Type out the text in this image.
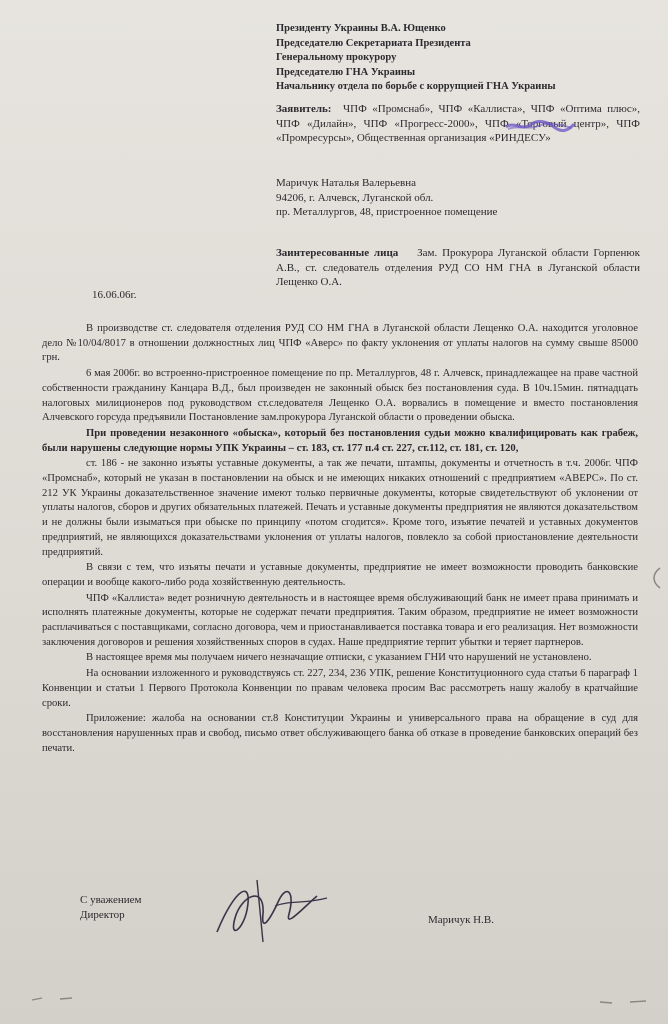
Президенту Украины В.А. Ющенко
Председателю Секретариата Президента
Генеральному прокурору
Председателю ГНА Украины
Начальнику отдела по борьбе с коррупцией ГНА Украины
Заявитель: ЧПФ «Промснаб», ЧПФ «Каллиста», ЧПФ «Оптима плюс», ЧПФ «Дилайн», ЧПФ «Прогресс-2000», ЧПФ «Торговый центр», ЧПФ «Промресурсы», Общественная организация «РИНДЕСУ»
Маричук Наталья Валерьевна
94206, г. Алчевск, Луганской обл.
пр. Металлургов, 48, пристроенное помещение
Заинтересованные лица Зам. Прокурора Луганской области Горпенюк А.В., ст. следователь отделения РУД СО НМ ГНА в Луганской области Лещенко О.А.
16.06.06г.

В производстве ст. следователя отделения РУД СО НМ ГНА в Луганской области Лещенко О.А. находится уголовное дело №10/04/8017 в отношении должностных лиц ЧПФ «Аверс» по факту уклонения от уплаты налогов на сумму свыше 85000 грн.

6 мая 2006г. во встроенно-пристроенное помещение по пр. Металлургов, 48 г. Алчевск, принадлежащее на праве частной собственности гражданину Канцара В.Д., был произведен не законный обыск без постановления суда. В 10ч.15мин. пятнадцать налоговых милиционеров под руководством ст.следователя Лещенко О.А. ворвались в помещение и вместо постановления Алчевского горсуда предъявили Постановление зам.прокурора Луганской области о проведении обыска.

При проведении незаконного «обыска», который без постановления судьи можно квалифицировать как грабеж, были нарушены следующие нормы УПК Украины – ст. 183, ст. 177 п.4 ст. 227, ст.112, ст. 181, ст. 120,

ст. 186 - не законно изъяты уставные документы, а так же печати, штампы, документы и отчетность в т.ч. 2006г. ЧПФ «Промснаб», который не указан в постановлении на обыск и не имеющих никаких отношений с предприятием «АВЕРС». По ст. 212 УК Украины доказательственное значение имеют только первичные документы, которые свидетельствуют об уклонении от уплаты налогов, сборов и других обязательных платежей. Печать и уставные документы предприятия не являются доказательством и не должны были изыматься при обыске по принципу «потом сгодится». Кроме того, изъятие печатей и уставных документов предприятий, не являющихся доказательствами уклонения от уплаты налогов, повлекло за собой приостановление деятельности предприятий.

В связи с тем, что изъяты печати и уставные документы, предприятие не имеет возможности проводить банковские операции и вообще какого-либо рода хозяйственную деятельность.

ЧПФ «Каллиста» ведет розничную деятельность и в настоящее время обслуживающий банк не имеет права принимать и исполнять платежные документы, которые не содержат печати предприятия. Таким образом, предприятие не имеет возможности расплачиваться с поставщиками, согласно договора, чем и приостанавливается поставка товара и его реализация. Нет возможности заключения договоров и решения хозяйственных споров в судах. Наше предприятие терпит убытки и теряет партнеров.

В настоящее время мы получаем ничего незначащие отписки, с указанием ГНИ что нарушений не установлено.

На основании изложенного и руководствуясь ст. 227, 234, 236 УПК, решение Конституционного суда статьи 6 параграф 1 Конвенции и статьи 1 Первого Протокола Конвенции по правам человека просим Вас рассмотреть нашу жалобу в кратчайшие сроки.

Приложение: жалоба на основании ст.8 Конституции Украины и универсального права на обращение в суд для восстановления нарушенных прав и свобод, письмо ответ обслуживающего банка об отказе в проведение банковских операций без печати.

С уважением
Директор	Маричук Н.В.
